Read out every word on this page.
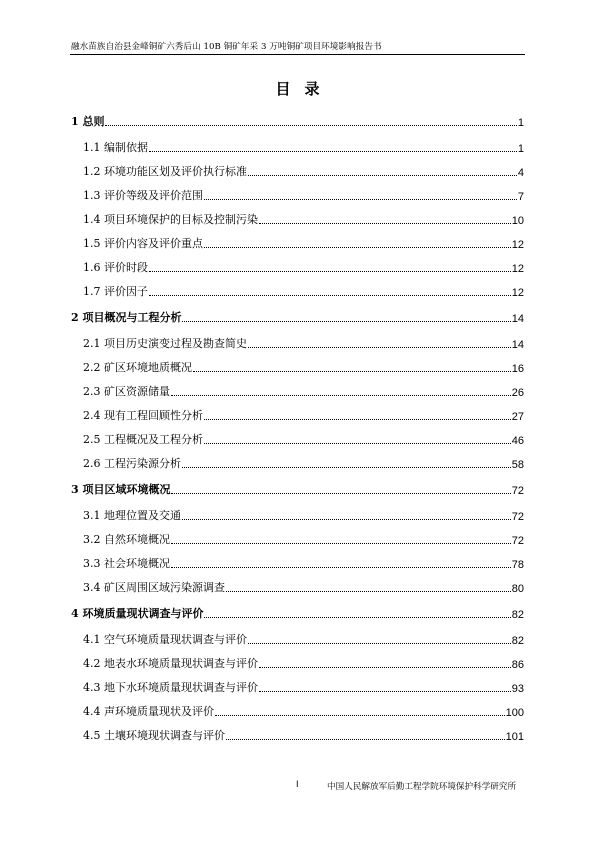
融水苗族自治县金峰铜矿六秀后山 10B 铜矿年采 3 万吨铜矿项目环境影响报告书
目录
1 总则	1
1.1 编制依据	1
1.2 环境功能区划及评价执行标准	4
1.3 评价等级及评价范围	7
1.4 项目环境保护的目标及控制污染	10
1.5 评价内容及评价重点	12
1.6 评价时段	12
1.7 评价因子	12
2 项目概况与工程分析	14
2.1 项目历史演变过程及勘查简史	14
2.2 矿区环境地质概况	16
2.3 矿区资源储量	26
2.4 现有工程回顾性分析	27
2.5 工程概况及工程分析	46
2.6 工程污染源分析	58
3 项目区域环境概况	72
3.1 地理位置及交通	72
3.2 自然环境概况	72
3.3 社会环境概况	78
3.4 矿区周围区域污染源调查	80
4 环境质量现状调查与评价	82
4.1 空气环境质量现状调查与评价	82
4.2 地表水环境质量现状调查与评价	86
4.3 地下水环境质量现状调查与评价	93
4.4 声环境质量现状及评价	100
4.5 土壤环境现状调查与评价	101
I	中国人民解放军后勤工程学院环境保护科学研究所
